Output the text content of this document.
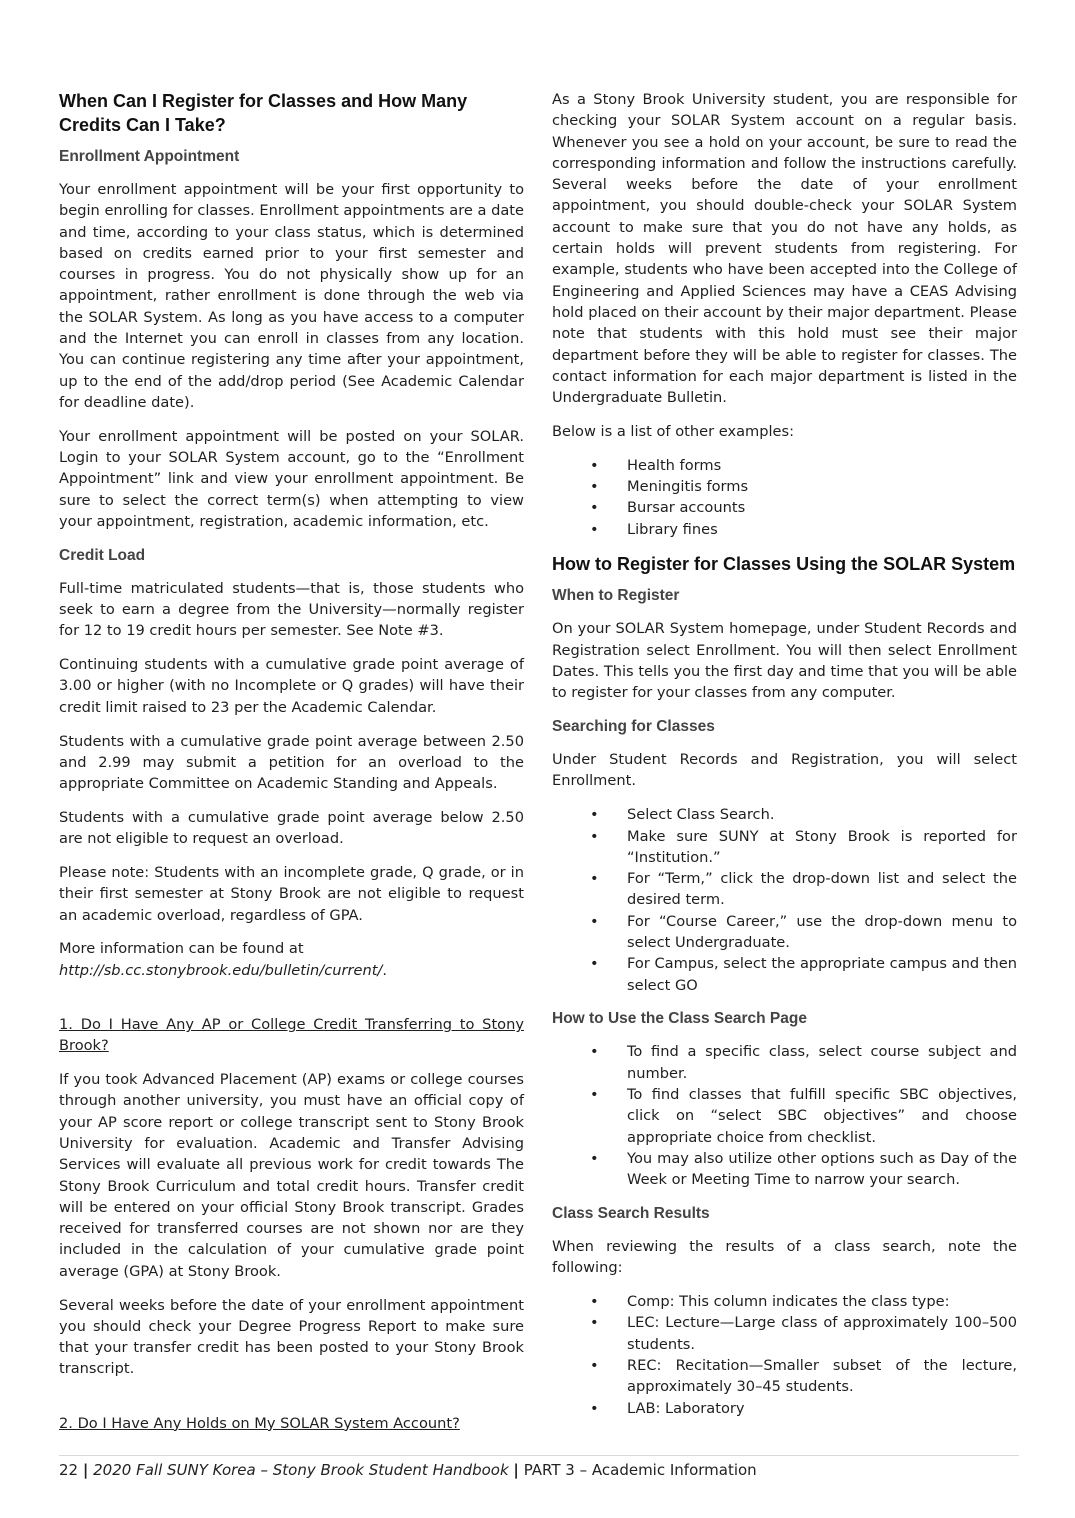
When Can I Register for Classes and How Many Credits Can I Take?
Enrollment Appointment

Your enrollment appointment will be your first opportunity to begin enrolling for classes. Enrollment appointments are a date and time, according to your class status, which is determined based on credits earned prior to your first semester and courses in progress. You do not physically show up for an appointment, rather enrollment is done through the web via the SOLAR System. As long as you have access to a computer and the Internet you can enroll in classes from any location. You can continue registering any time after your appointment, up to the end of the add/drop period (See Academic Calendar for deadline date).

Your enrollment appointment will be posted on your SOLAR. Login to your SOLAR System account, go to the “Enrollment Appointment” link and view your enrollment appointment. Be sure to select the correct term(s) when attempting to view your appointment, registration, academic information, etc.

Credit Load

Full-time matriculated students—that is, those students who seek to earn a degree from the University—normally register for 12 to 19 credit hours per semester. See Note #3.

Continuing students with a cumulative grade point average of 3.00 or higher (with no Incomplete or Q grades) will have their credit limit raised to 23 per the Academic Calendar.

Students with a cumulative grade point average between 2.50 and 2.99 may submit a petition for an overload to the appropriate Committee on Academic Standing and Appeals.

Students with a cumulative grade point average below 2.50 are not eligible to request an overload.

Please note: Students with an incomplete grade, Q grade, or in their first semester at Stony Brook are not eligible to request an academic overload, regardless of GPA.

More information can be found at
http://sb.cc.stonybrook.edu/bulletin/current/.

1. Do I Have Any AP or College Credit Transferring to Stony Brook?

If you took Advanced Placement (AP) exams or college courses through another university, you must have an official copy of your AP score report or college transcript sent to Stony Brook University for evaluation. Academic and Transfer Advising Services will evaluate all previous work for credit towards The Stony Brook Curriculum and total credit hours. Transfer credit will be entered on your official Stony Brook transcript. Grades received for transferred courses are not shown nor are they included in the calculation of your cumulative grade point average (GPA) at Stony Brook.

Several weeks before the date of your enrollment appointment you should check your Degree Progress Report to make sure that your transfer credit has been posted to your Stony Brook transcript.

2. Do I Have Any Holds on My SOLAR System Account?

As a Stony Brook University student, you are responsible for checking your SOLAR System account on a regular basis. Whenever you see a hold on your account, be sure to read the corresponding information and follow the instructions carefully. Several weeks before the date of your enrollment appointment, you should double-check your SOLAR System account to make sure that you do not have any holds, as certain holds will prevent students from registering. For example, students who have been accepted into the College of Engineering and Applied Sciences may have a CEAS Advising hold placed on their account by their major department. Please note that students with this hold must see their major department before they will be able to register for classes. The contact information for each major department is listed in the Undergraduate Bulletin.

Below is a list of other examples:

• Health forms
• Meningitis forms
• Bursar accounts
• Library fines
How to Register for Classes Using the SOLAR System
When to Register

On your SOLAR System homepage, under Student Records and Registration select Enrollment. You will then select Enrollment Dates. This tells you the first day and time that you will be able to register for your classes from any computer.

Searching for Classes

Under Student Records and Registration, you will select Enrollment.

• Select Class Search.
• Make sure SUNY at Stony Brook is reported for “Institution.”
• For “Term,” click the drop-down list and select the desired term.
• For “Course Career,” use the drop-down menu to select Undergraduate.
• For Campus, select the appropriate campus and then select GO
How to Use the Class Search Page
• To find a specific class, select course subject and number.
• To find classes that fulfill specific SBC objectives, click on “select SBC objectives” and choose appropriate choice from checklist.
• You may also utilize other options such as Day of the Week or Meeting Time to narrow your search.
Class Search Results

When reviewing the results of a class search, note the following:

• Comp: This column indicates the class type:
• LEC: Lecture—Large class of approximately 100–500 students.
• REC: Recitation—Smaller subset of the lecture, approximately 30–45 students.
• LAB: Laboratory
22 | 2020 Fall SUNY Korea – Stony Brook Student Handbook | PART 3 – Academic Information
